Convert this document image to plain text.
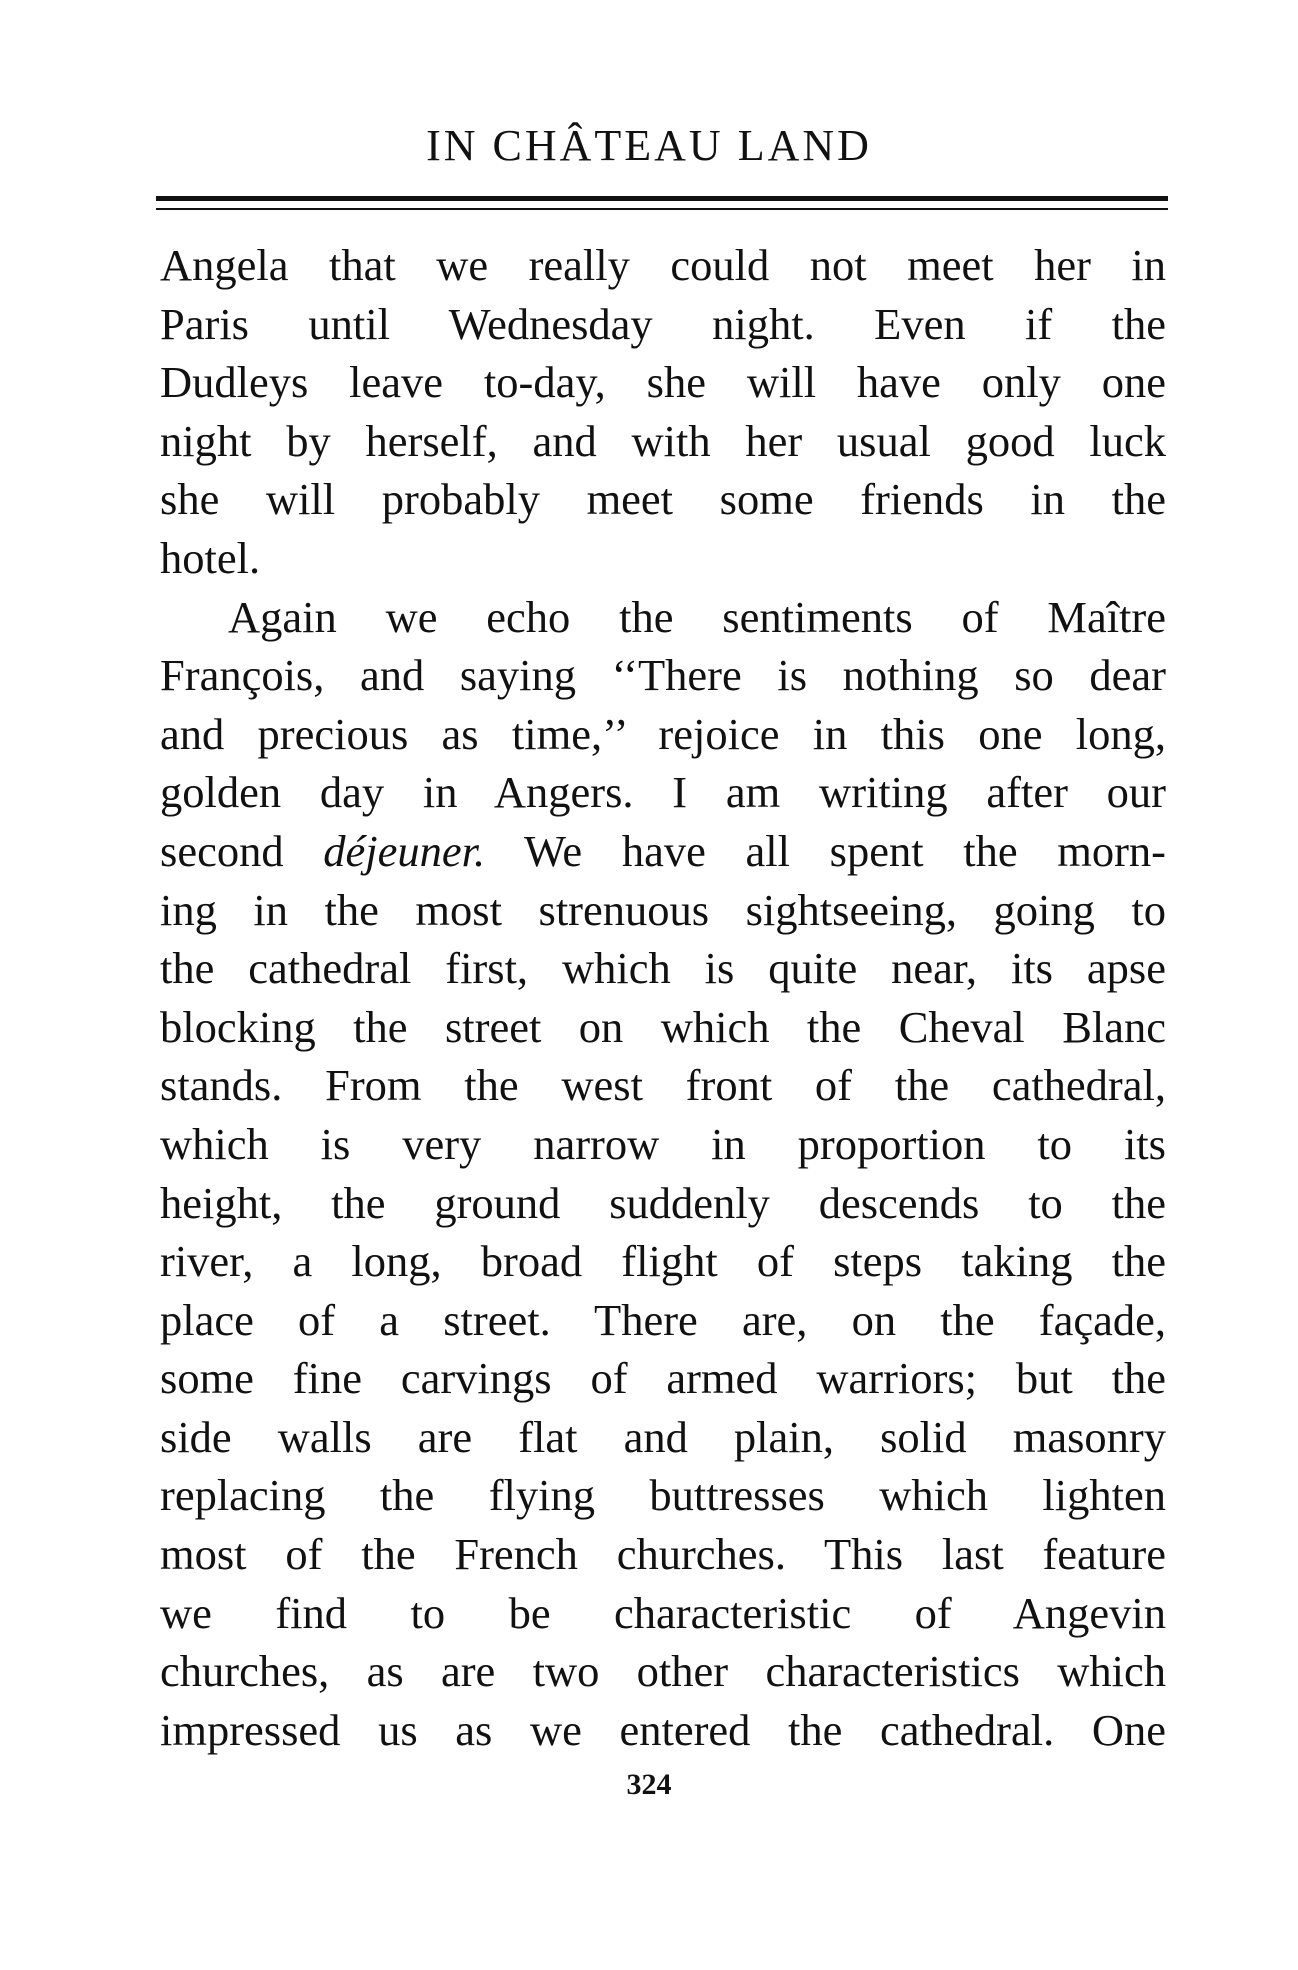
IN CHÂTEAU LAND
Angela that we really could not meet her in
Paris until Wednesday night. Even if the
Dudleys leave to-day, she will have only one
night by herself, and with her usual good luck
she will probably meet some friends in the
hotel.
Again we echo the sentiments of Maître
François, and saying ‘‘There is nothing so dear
and precious as time,’’ rejoice in this one long,
golden day in Angers. I am writing after our
second déjeuner. We have all spent the morn-
ing in the most strenuous sightseeing, going to
the cathedral first, which is quite near, its apse
blocking the street on which the Cheval Blanc
stands. From the west front of the cathedral,
which is very narrow in proportion to its
height, the ground suddenly descends to the
river, a long, broad flight of steps taking the
place of a street. There are, on the façade,
some fine carvings of armed warriors; but the
side walls are flat and plain, solid masonry
replacing the flying buttresses which lighten
most of the French churches. This last feature
we find to be characteristic of Angevin
churches, as are two other characteristics which
impressed us as we entered the cathedral. One
324
